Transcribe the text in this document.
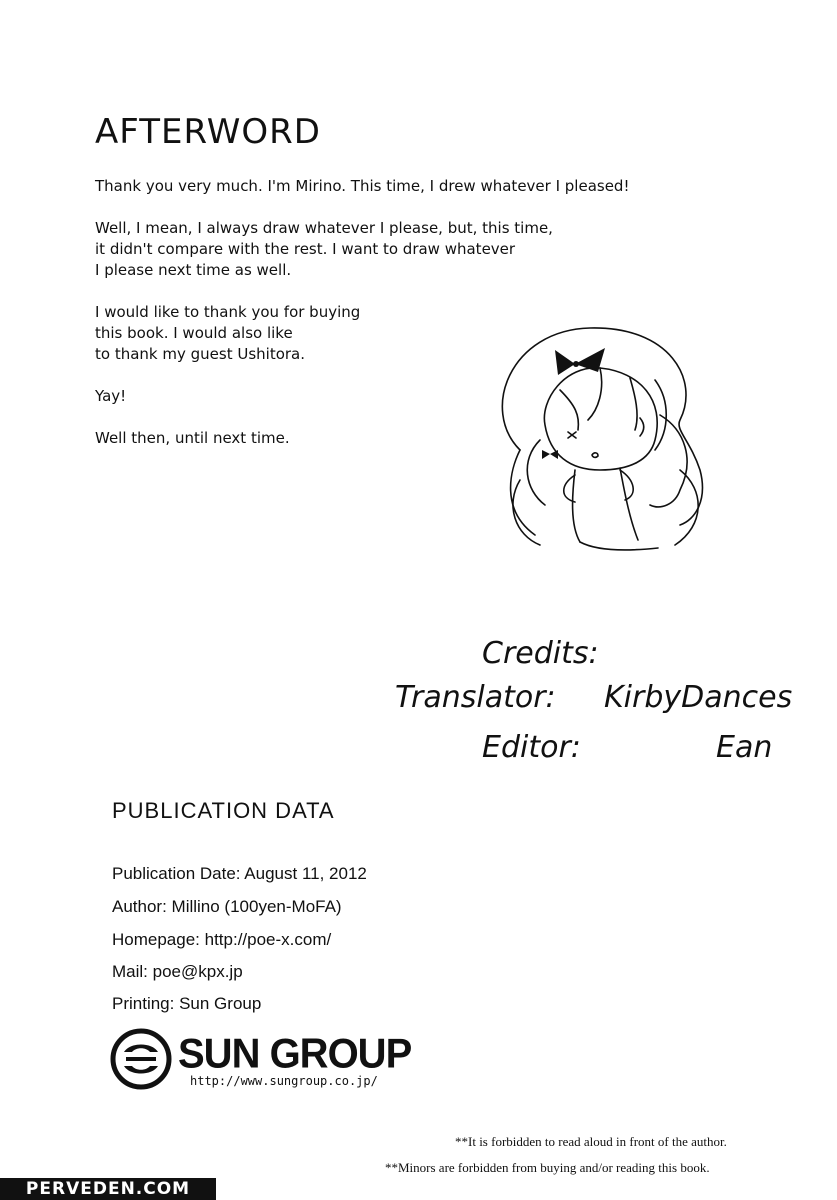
AFTERWORD

Thank you very much. I'm Mirino. This time, I drew whatever I pleased!

Well, I mean, I always draw whatever I please, but, this time,
it didn't compare with the rest. I want to draw whatever
I please next time as well.

I would like to thank you for buying
this book. I would also like
to thank my guest Ushitora.

Yay!

Well then, until next time.

Credits:
Translator: KirbyDances
Editor:	Ean
PUBLICATION DATA
Publication Date: August 11, 2012
Author: Millino (100yen-MoFA)
Homepage: http://poe-x.com/
Mail: poe@kpx.jp
Printing: Sun Group
SUN GROUP
http://www.sungroup.co.jp/
**It is forbidden to read aloud in front of the author.
**Minors are forbidden from buying and/or reading this book.
PERVEDEN.COM
